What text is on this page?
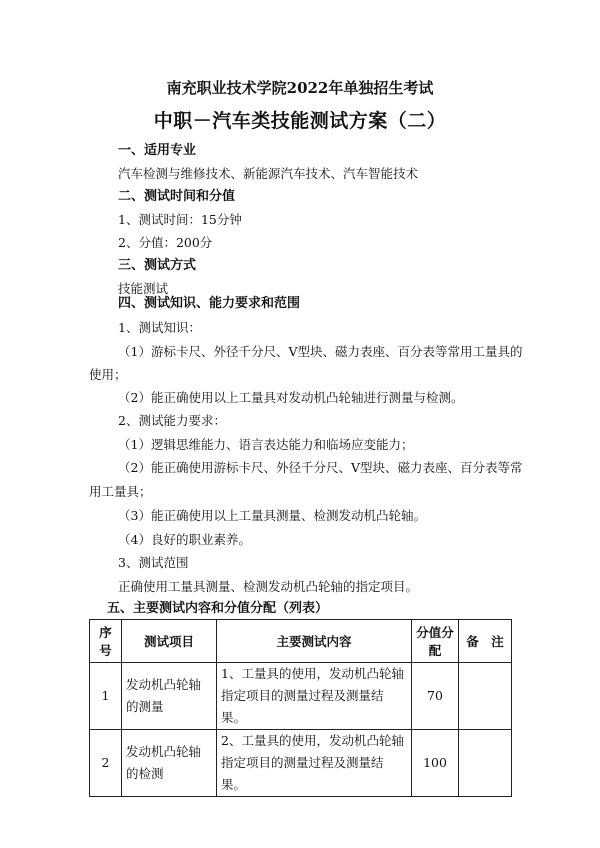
南充职业技术学院2022年单独招生考试
中职－汽车类技能测试方案（二）
一、适用专业
汽车检测与维修技术、新能源汽车技术、汽车智能技术
二、测试时间和分值
1、测试时间：15分钟
2、分值：200分
三、测试方式
技能测试
四、测试知识、能力要求和范围
1、测试知识：
（1）游标卡尺、外径千分尺、V型块、磁力表座、百分表等常用工量具的
使用；
（2）能正确使用以上工量具对发动机凸轮轴进行测量与检测。
2、测试能力要求：
（1）逻辑思维能力、语言表达能力和临场应变能力；
（2）能正确使用游标卡尺、外径千分尺、V型块、磁力表座、百分表等常
用工量具；
（3）能正确使用以上工量具测量、检测发动机凸轮轴。
（4）良好的职业素养。
3、测试范围
正确使用工量具测量、检测发动机凸轮轴的指定项目。
五、主要测试内容和分值分配（列表）
序号	测试项目	主要测试内容	分值分配	备　注
1	发动机凸轮轴的测量	1、工量具的使用，发动机凸轮轴指定项目的测量过程及测量结果。	70	
2	发动机凸轮轴的检测	2、工量具的使用，发动机凸轮轴指定项目的测量过程及测量结果。	100	
